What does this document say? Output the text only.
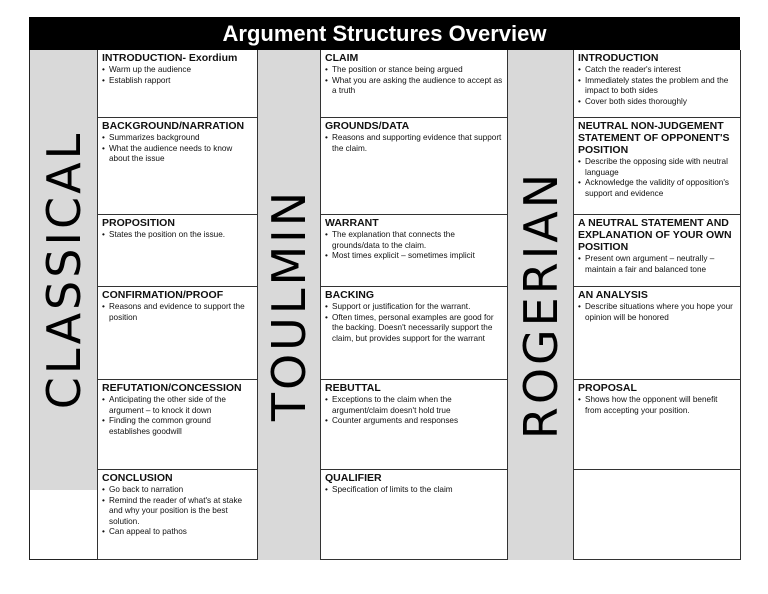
Argument Structures Overview
CLASSICAL	TOULMIN	ROGERIAN
INTRODUCTION- Exordium
• Warm up the audience
• Establish rapport
BACKGROUND/NARRATION
• Summarizes background
• What the audience needs to know about the issue
PROPOSITION
• States the position on the issue.
CONFIRMATION/PROOF
• Reasons and evidence to support the position
REFUTATION/CONCESSION
• Anticipating the other side of the argument – to knock it down
• Finding the common ground establishes goodwill
CONCLUSION
• Go back to narration
• Remind the reader of what's at stake and why your position is the best solution.
• Can appeal to pathos
CLAIM
• The position or stance being argued
• What you are asking the audience to accept as a truth
GROUNDS/DATA
• Reasons and supporting evidence that support the claim.
WARRANT
• The explanation that connects the grounds/data to the claim.
• Most times explicit – sometimes implicit
BACKING
• Support or justification for the warrant.
• Often times, personal examples are good for the backing. Doesn't necessarily support the claim, but provides support for the warrant
REBUTTAL
• Exceptions to the claim when the argument/claim doesn't hold true
• Counter arguments and responses
QUALIFIER
• Specification of limits to the claim
INTRODUCTION
• Catch the reader's interest
• Immediately states the problem and the impact to both sides
• Cover both sides thoroughly
NEUTRAL NON-JUDGEMENT STATEMENT OF OPPONENT'S POSITION
• Describe the opposing side with neutral language
• Acknowledge the validity of opposition's support and evidence
A NEUTRAL STATEMENT AND EXPLANATION OF YOUR OWN POSITION
• Present own argument – neutrally – maintain a fair and balanced tone
AN ANALYSIS
• Describe situations where you hope your opinion will be honored
PROPOSAL
• Shows how the opponent will benefit from accepting your position.
